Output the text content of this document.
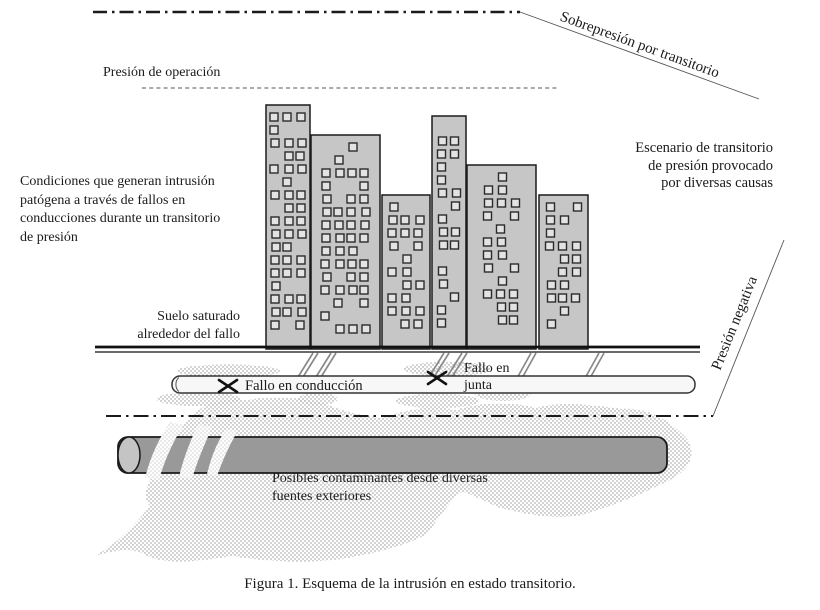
Presión de operación	Sobrepresión por transitorio
Presión negativa
Condiciones que generan intrusión
patógena a través de fallos en
conducciones durante un transitorio
de presión
Escenario de transitorio
de presión provocado
por diversas causas
Suelo saturado
alrededor del fallo
Fallo en conducción
Fallo en
junta
Posibles contaminantes desde diversas
fuentes exteriores
Figura 1. Esquema de la intrusión en estado transitorio.
